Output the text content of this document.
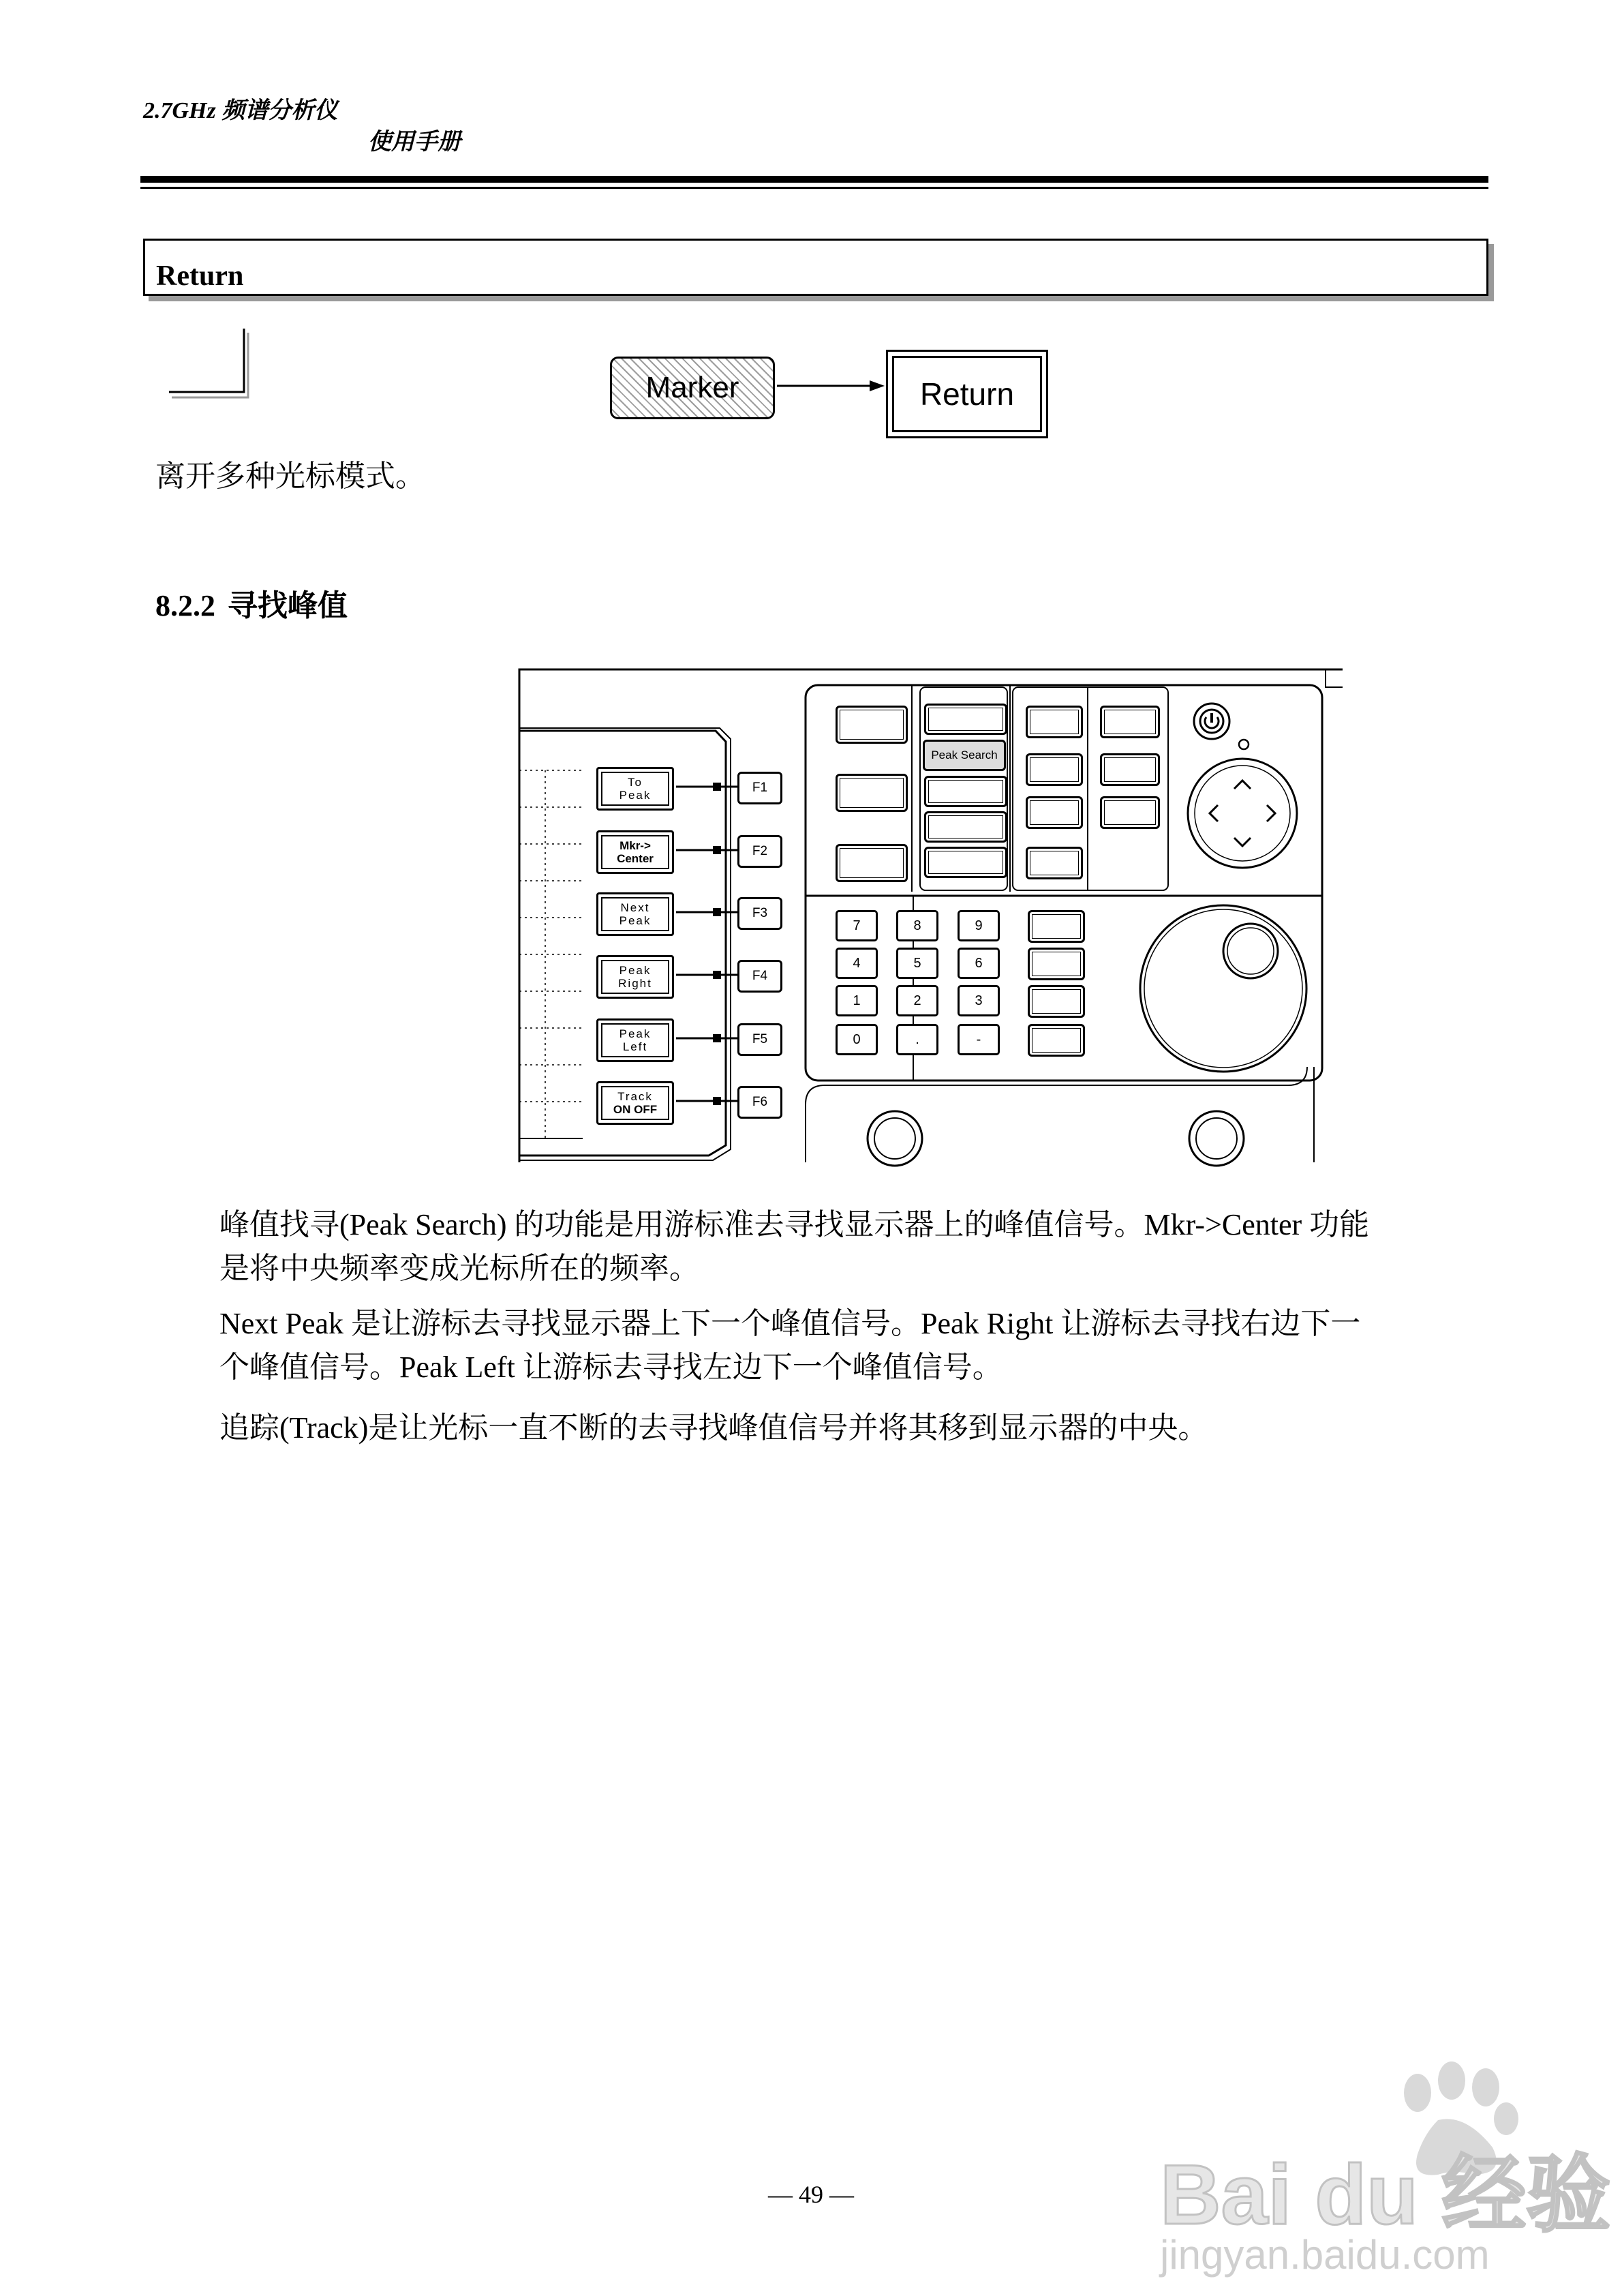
2.7GHz 频谱分析仪
使用手册
Return
Marker	Return
离开多种光标模式。
8.2.2 寻找峰值
To
Peak
Mkr->
Center
Next
Peak
Peak
Right
Peak
Left
Track
ON OFF
F1
F2
F3
F4
F5
F6
Peak Search
7	8	9
4	5	6
1	2	3
0	.	-
峰值找寻(Peak Search) 的功能是用游标准去寻找显示器上的峰值信号。Mkr->Center 功能
是将中央频率变成光标所在的频率。
Next Peak 是让游标去寻找显示器上下一个峰值信号。Peak Right 让游标去寻找右边下一
个峰值信号。Peak Left 让游标去寻找左边下一个峰值信号。
追踪(Track)是让光标一直不断的去寻找峰值信号并将其移到显示器的中央。
— 49 —	Bai du 经验
jingyan.baidu.com
